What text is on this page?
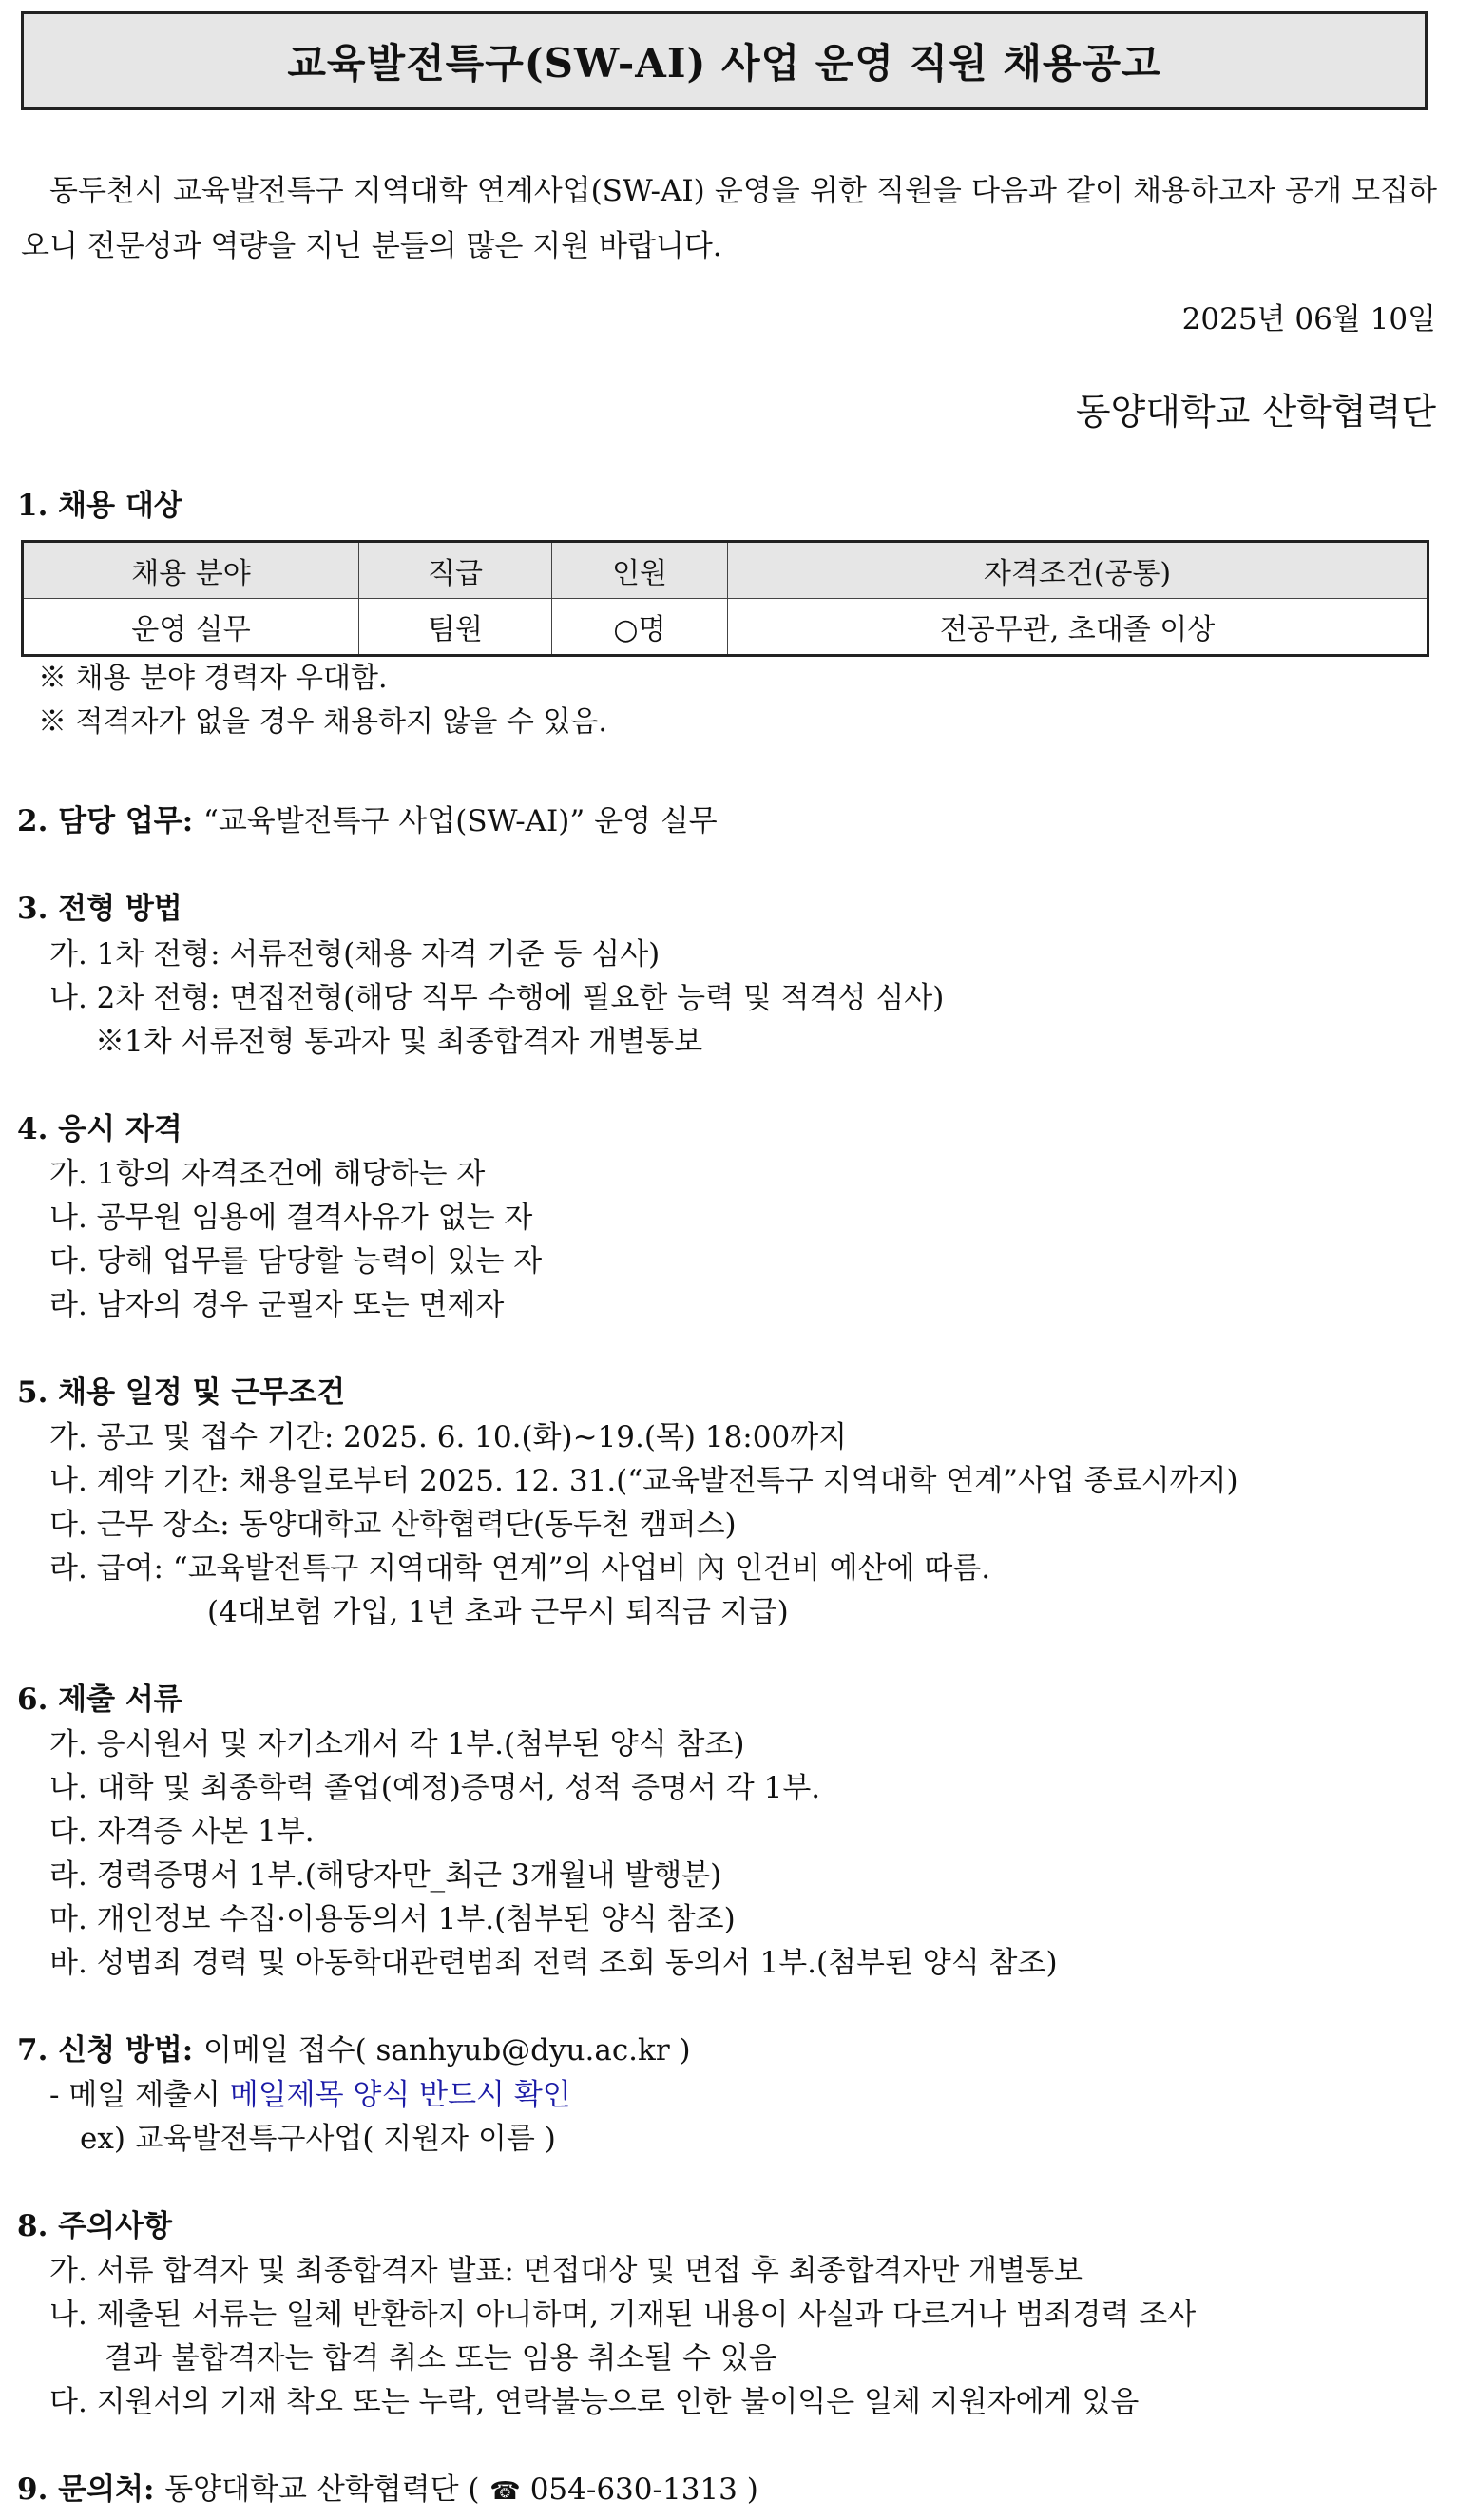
교육발전특구(SW-AI) 사업 운영 직원 채용공고
동두천시 교육발전특구 지역대학 연계사업(SW-AI) 운영을 위한 직원을 다음과 같이 채용하고자 공개 모집하오니 전문성과 역량을 지닌 분들의 많은 지원 바랍니다.
2025년 06월 10일
동양대학교 산학협력단
1. 채용 대상
채용 분야	직급	인원	자격조건(공통)
운영 실무	팀원	○명	전공무관, 초대졸 이상
※ 채용 분야 경력자 우대함.
※ 적격자가 없을 경우 채용하지 않을 수 있음.
2. 담당 업무: “교육발전특구 사업(SW-AI)” 운영 실무
3. 전형 방법
가. 1차 전형: 서류전형(채용 자격 기준 등 심사)
나. 2차 전형: 면접전형(해당 직무 수행에 필요한 능력 및 적격성 심사)
※1차 서류전형 통과자 및 최종합격자 개별통보
4. 응시 자격
가. 1항의 자격조건에 해당하는 자
나. 공무원 임용에 결격사유가 없는 자
다. 당해 업무를 담당할 능력이 있는 자
라. 남자의 경우 군필자 또는 면제자
5. 채용 일정 및 근무조건
가. 공고 및 접수 기간: 2025. 6. 10.(화)~19.(목) 18:00까지
나. 계약 기간: 채용일로부터 2025. 12. 31.(“교육발전특구 지역대학 연계”사업 종료시까지)
다. 근무 장소: 동양대학교 산학협력단(동두천 캠퍼스)
라. 급여: “교육발전특구 지역대학 연계”의 사업비 內 인건비 예산에 따름.
(4대보험 가입, 1년 초과 근무시 퇴직금 지급)
6. 제출 서류
가. 응시원서 및 자기소개서 각 1부.(첨부된 양식 참조)
나. 대학 및 최종학력 졸업(예정)증명서, 성적 증명서 각 1부.
다. 자격증 사본 1부.
라. 경력증명서 1부.(해당자만_최근 3개월내 발행분)
마. 개인정보 수집·이용동의서 1부.(첨부된 양식 참조)
바. 성범죄 경력 및 아동학대관련범죄 전력 조회 동의서 1부.(첨부된 양식 참조)
7. 신청 방법: 이메일 접수( sanhyub@dyu.ac.kr )
- 메일 제출시 메일제목 양식 반드시 확인
ex) 교육발전특구사업( 지원자 이름 )
8. 주의사항
가. 서류 합격자 및 최종합격자 발표: 면접대상 및 면접 후 최종합격자만 개별통보
나. 제출된 서류는 일체 반환하지 아니하며, 기재된 내용이 사실과 다르거나 범죄경력 조사
결과 불합격자는 합격 취소 또는 임용 취소될 수 있음
다. 지원서의 기재 착오 또는 누락, 연락불능으로 인한 불이익은 일체 지원자에게 있음
9. 문의처: 동양대학교 산학협력단 ( ☎ 054-630-1313 )
